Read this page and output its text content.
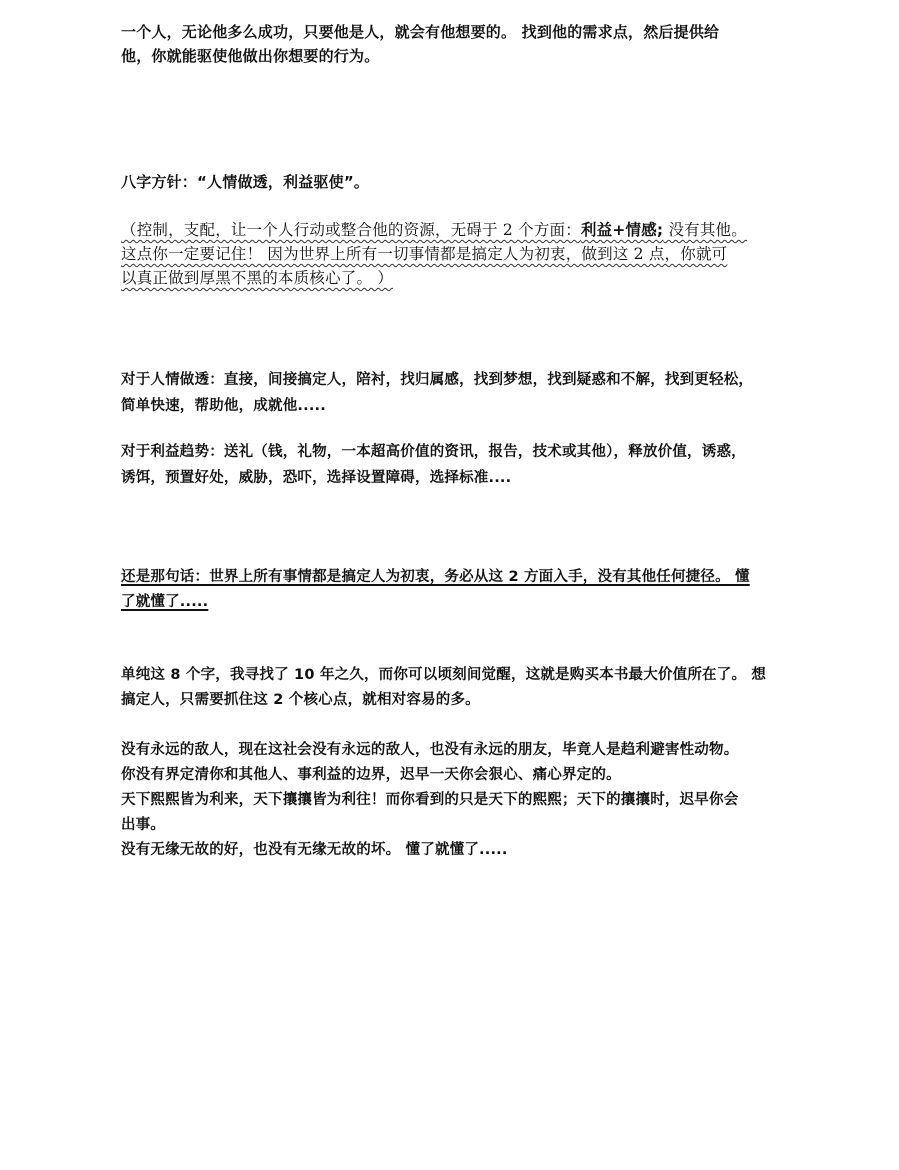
一个人，无论他多么成功，只要他是人，就会有他想要的。 找到他的需求点，然后提供给
他，你就能驱使他做出你想要的行为。

八字方针：“人情做透，利益驱使”。

（控制，支配，让一个人行动或整合他的资源，无碍于 2 个方面：利益+情感; 没有其他。
这点你一定要记住！ 因为世界上所有一切事情都是搞定人为初衷，做到这 2 点，你就可
以真正做到厚黑不黑的本质核心了。 ）

对于人情做透：直接，间接搞定人，陪衬，找归属感，找到梦想，找到疑惑和不解，找到更轻松，
简单快速，帮助他，成就他.....

对于利益趋势：送礼（钱，礼物，一本超高价值的资讯，报告，技术或其他），释放价值，诱惑，
诱饵，预置好处，威胁，恐吓，选择设置障碍，选择标准....

还是那句话：世界上所有事情都是搞定人为初衷，务必从这 2 方面入手，没有其他任何捷径。 懂
了就懂了.....

单纯这 8 个字，我寻找了 10 年之久，而你可以顷刻间觉醒，这就是购买本书最大价值所在了。 想
搞定人，只需要抓住这 2 个核心点，就相对容易的多。

没有永远的敌人，现在这社会没有永远的敌人，也没有永远的朋友，毕竟人是趋利避害性动物。
你没有界定清你和其他人、事利益的边界，迟早一天你会狠心、痛心界定的。
天下熙熙皆为利来，天下攘攘皆为利往！而你看到的只是天下的熙熙；天下的攘攘时，迟早你会
出事。
没有无缘无故的好，也没有无缘无故的坏。 懂了就懂了.....
